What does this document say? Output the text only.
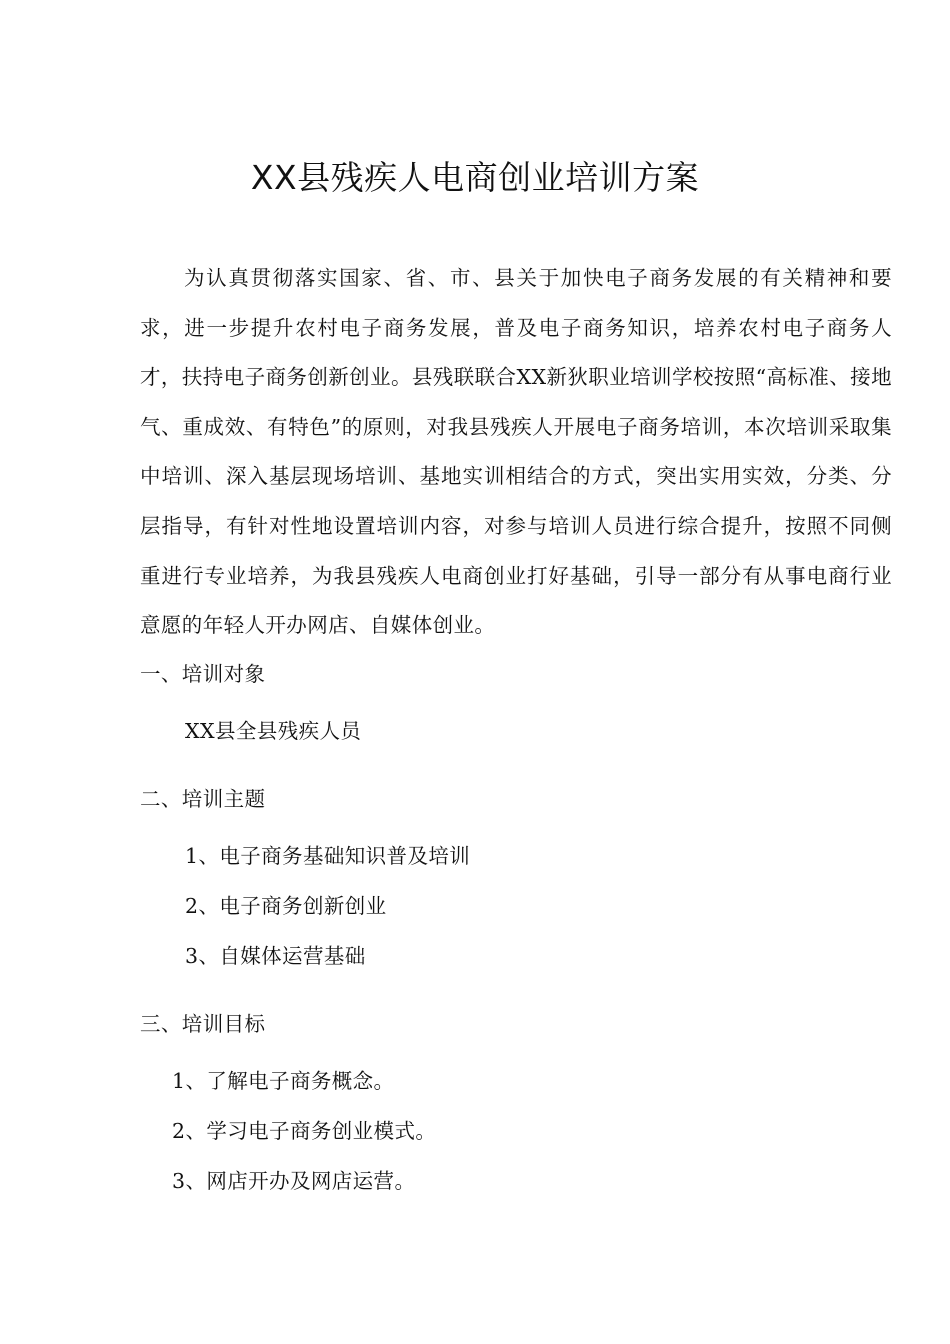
XX县残疾人电商创业培训方案

为认真贯彻落实国家、省、市、县关于加快电子商务发展的有关精神和要求，进一步提升农村电子商务发展，普及电子商务知识，培养农村电子商务人才，扶持电子商务创新创业。县残联联合XX新狄职业培训学校按照“高标准、接地气、重成效、有特色”的原则，对我县残疾人开展电子商务培训，本次培训采取集中培训、深入基层现场培训、基地实训相结合的方式，突出实用实效，分类、分层指导，有针对性地设置培训内容，对参与培训人员进行综合提升，按照不同侧重进行专业培养，为我县残疾人电商创业打好基础，引导一部分有从事电商行业意愿的年轻人开办网店、自媒体创业。

一、培训对象

XX县全县残疾人员

二、培训主题

1、电子商务基础知识普及培训

2、电子商务创新创业

3、自媒体运营基础

三、培训目标

1、了解电子商务概念。

2、学习电子商务创业模式。

3、网店开办及网店运营。
